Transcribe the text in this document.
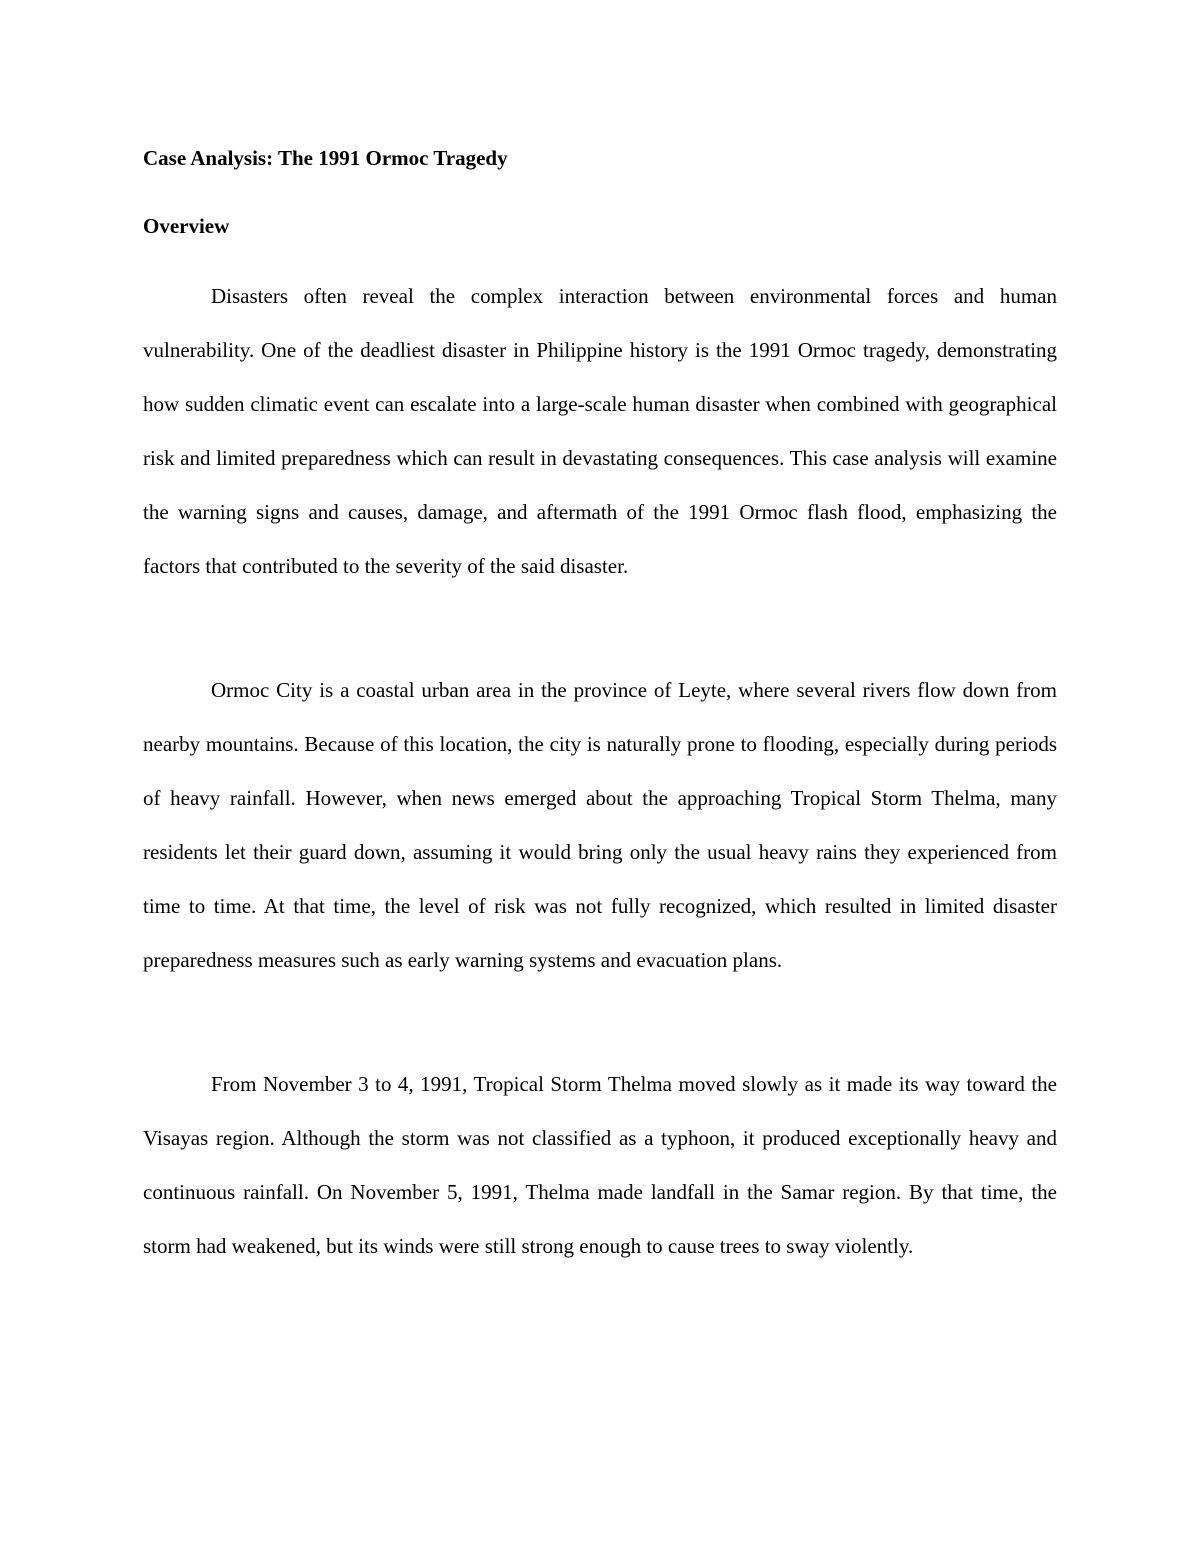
Case Analysis: The 1991 Ormoc Tragedy
Overview

Disasters often reveal the complex interaction between environmental forces and human vulnerability. One of the deadliest disaster in Philippine history is the 1991 Ormoc tragedy, demonstrating how sudden climatic event can escalate into a large-scale human disaster when combined with geographical risk and limited preparedness which can result in devastating consequences. This case analysis will examine the warning signs and causes, damage, and aftermath of the 1991 Ormoc flash flood, emphasizing the factors that contributed to the severity of the said disaster.

Ormoc City is a coastal urban area in the province of Leyte, where several rivers flow down from nearby mountains. Because of this location, the city is naturally prone to flooding, especially during periods of heavy rainfall. However, when news emerged about the approaching Tropical Storm Thelma, many residents let their guard down, assuming it would bring only the usual heavy rains they experienced from time to time. At that time, the level of risk was not fully recognized, which resulted in limited disaster preparedness measures such as early warning systems and evacuation plans.

From November 3 to 4, 1991, Tropical Storm Thelma moved slowly as it made its way toward the Visayas region. Although the storm was not classified as a typhoon, it produced exceptionally heavy and continuous rainfall. On November 5, 1991, Thelma made landfall in the Samar region. By that time, the storm had weakened, but its winds were still strong enough to cause trees to sway violently.
